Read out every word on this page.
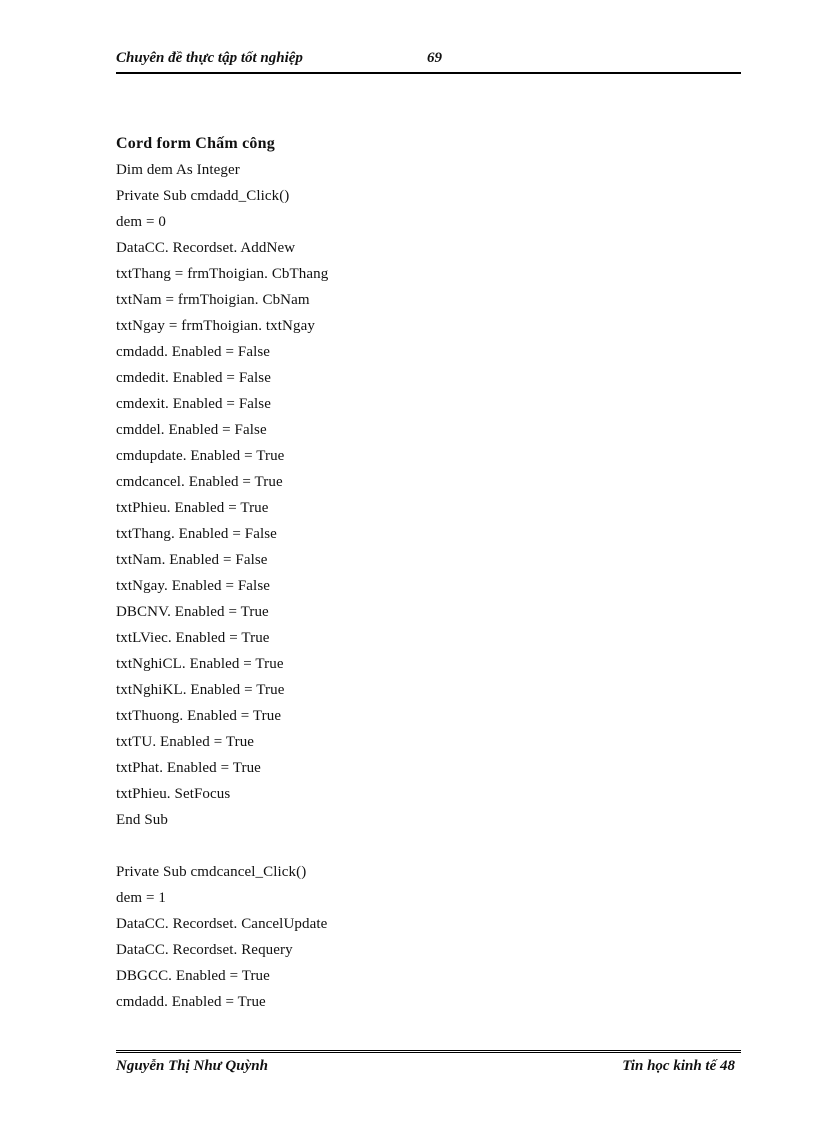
Chuyên đề thực tập tốt nghiệp	69
Cord form Chấm công
Dim dem As Integer
Private Sub cmdadd_Click()
dem = 0
DataCC. Recordset. AddNew
txtThang = frmThoigian. CbThang
txtNam = frmThoigian. CbNam
txtNgay = frmThoigian. txtNgay
cmdadd. Enabled = False
cmdedit. Enabled = False
cmdexit. Enabled = False
cmddel. Enabled = False
cmdupdate. Enabled = True
cmdcancel. Enabled = True
txtPhieu. Enabled = True
txtThang. Enabled = False
txtNam. Enabled = False
txtNgay. Enabled = False
DBCNV. Enabled = True
txtLViec. Enabled = True
txtNghiCL. Enabled = True
txtNghiKL. Enabled = True
txtThuong. Enabled = True
txtTU. Enabled = True
txtPhat. Enabled = True
txtPhieu. SetFocus
End Sub
Private Sub cmdcancel_Click()
dem = 1
DataCC. Recordset. CancelUpdate
DataCC. Recordset. Requery
DBGCC. Enabled = True
cmdadd. Enabled = True
Nguyễn Thị Như Quỳnh	Tin học kinh tế 48
